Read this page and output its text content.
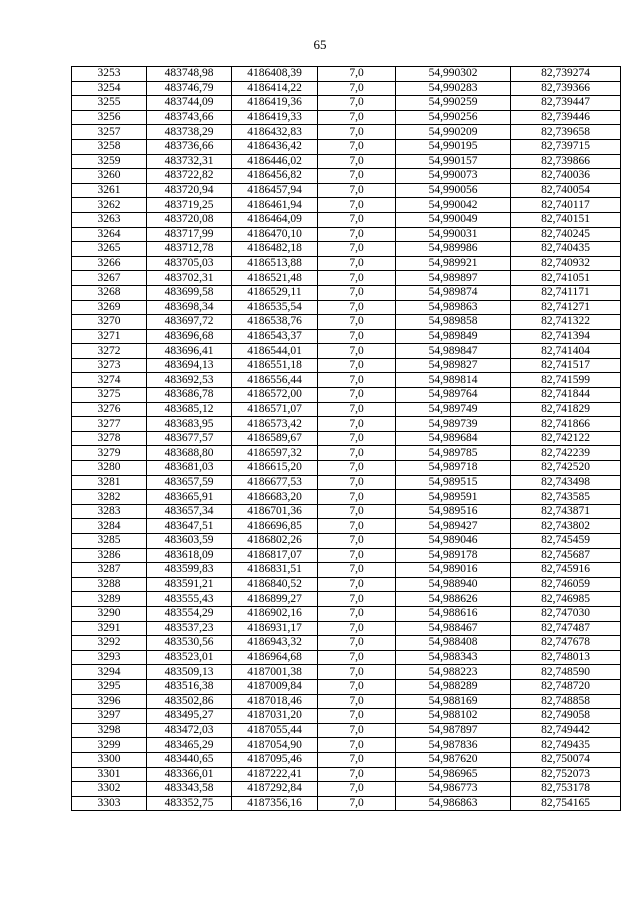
65
3253	483748,98	4186408,39	7,0	54,990302	82,739274
3254	483746,79	4186414,22	7,0	54,990283	82,739366
3255	483744,09	4186419,36	7,0	54,990259	82,739447
3256	483743,66	4186419,33	7,0	54,990256	82,739446
3257	483738,29	4186432,83	7,0	54,990209	82,739658
3258	483736,66	4186436,42	7,0	54,990195	82,739715
3259	483732,31	4186446,02	7,0	54,990157	82,739866
3260	483722,82	4186456,82	7,0	54,990073	82,740036
3261	483720,94	4186457,94	7,0	54,990056	82,740054
3262	483719,25	4186461,94	7,0	54,990042	82,740117
3263	483720,08	4186464,09	7,0	54,990049	82,740151
3264	483717,99	4186470,10	7,0	54,990031	82,740245
3265	483712,78	4186482,18	7,0	54,989986	82,740435
3266	483705,03	4186513,88	7,0	54,989921	82,740932
3267	483702,31	4186521,48	7,0	54,989897	82,741051
3268	483699,58	4186529,11	7,0	54,989874	82,741171
3269	483698,34	4186535,54	7,0	54,989863	82,741271
3270	483697,72	4186538,76	7,0	54,989858	82,741322
3271	483696,68	4186543,37	7,0	54,989849	82,741394
3272	483696,41	4186544,01	7,0	54,989847	82,741404
3273	483694,13	4186551,18	7,0	54,989827	82,741517
3274	483692,53	4186556,44	7,0	54,989814	82,741599
3275	483686,78	4186572,00	7,0	54,989764	82,741844
3276	483685,12	4186571,07	7,0	54,989749	82,741829
3277	483683,95	4186573,42	7,0	54,989739	82,741866
3278	483677,57	4186589,67	7,0	54,989684	82,742122
3279	483688,80	4186597,32	7,0	54,989785	82,742239
3280	483681,03	4186615,20	7,0	54,989718	82,742520
3281	483657,59	4186677,53	7,0	54,989515	82,743498
3282	483665,91	4186683,20	7,0	54,989591	82,743585
3283	483657,34	4186701,36	7,0	54,989516	82,743871
3284	483647,51	4186696,85	7,0	54,989427	82,743802
3285	483603,59	4186802,26	7,0	54,989046	82,745459
3286	483618,09	4186817,07	7,0	54,989178	82,745687
3287	483599,83	4186831,51	7,0	54,989016	82,745916
3288	483591,21	4186840,52	7,0	54,988940	82,746059
3289	483555,43	4186899,27	7,0	54,988626	82,746985
3290	483554,29	4186902,16	7,0	54,988616	82,747030
3291	483537,23	4186931,17	7,0	54,988467	82,747487
3292	483530,56	4186943,32	7,0	54,988408	82,747678
3293	483523,01	4186964,68	7,0	54,988343	82,748013
3294	483509,13	4187001,38	7,0	54,988223	82,748590
3295	483516,38	4187009,84	7,0	54,988289	82,748720
3296	483502,86	4187018,46	7,0	54,988169	82,748858
3297	483495,27	4187031,20	7,0	54,988102	82,749058
3298	483472,03	4187055,44	7,0	54,987897	82,749442
3299	483465,29	4187054,90	7,0	54,987836	82,749435
3300	483440,65	4187095,46	7,0	54,987620	82,750074
3301	483366,01	4187222,41	7,0	54,986965	82,752073
3302	483343,58	4187292,84	7,0	54,986773	82,753178
3303	483352,75	4187356,16	7,0	54,986863	82,754165
